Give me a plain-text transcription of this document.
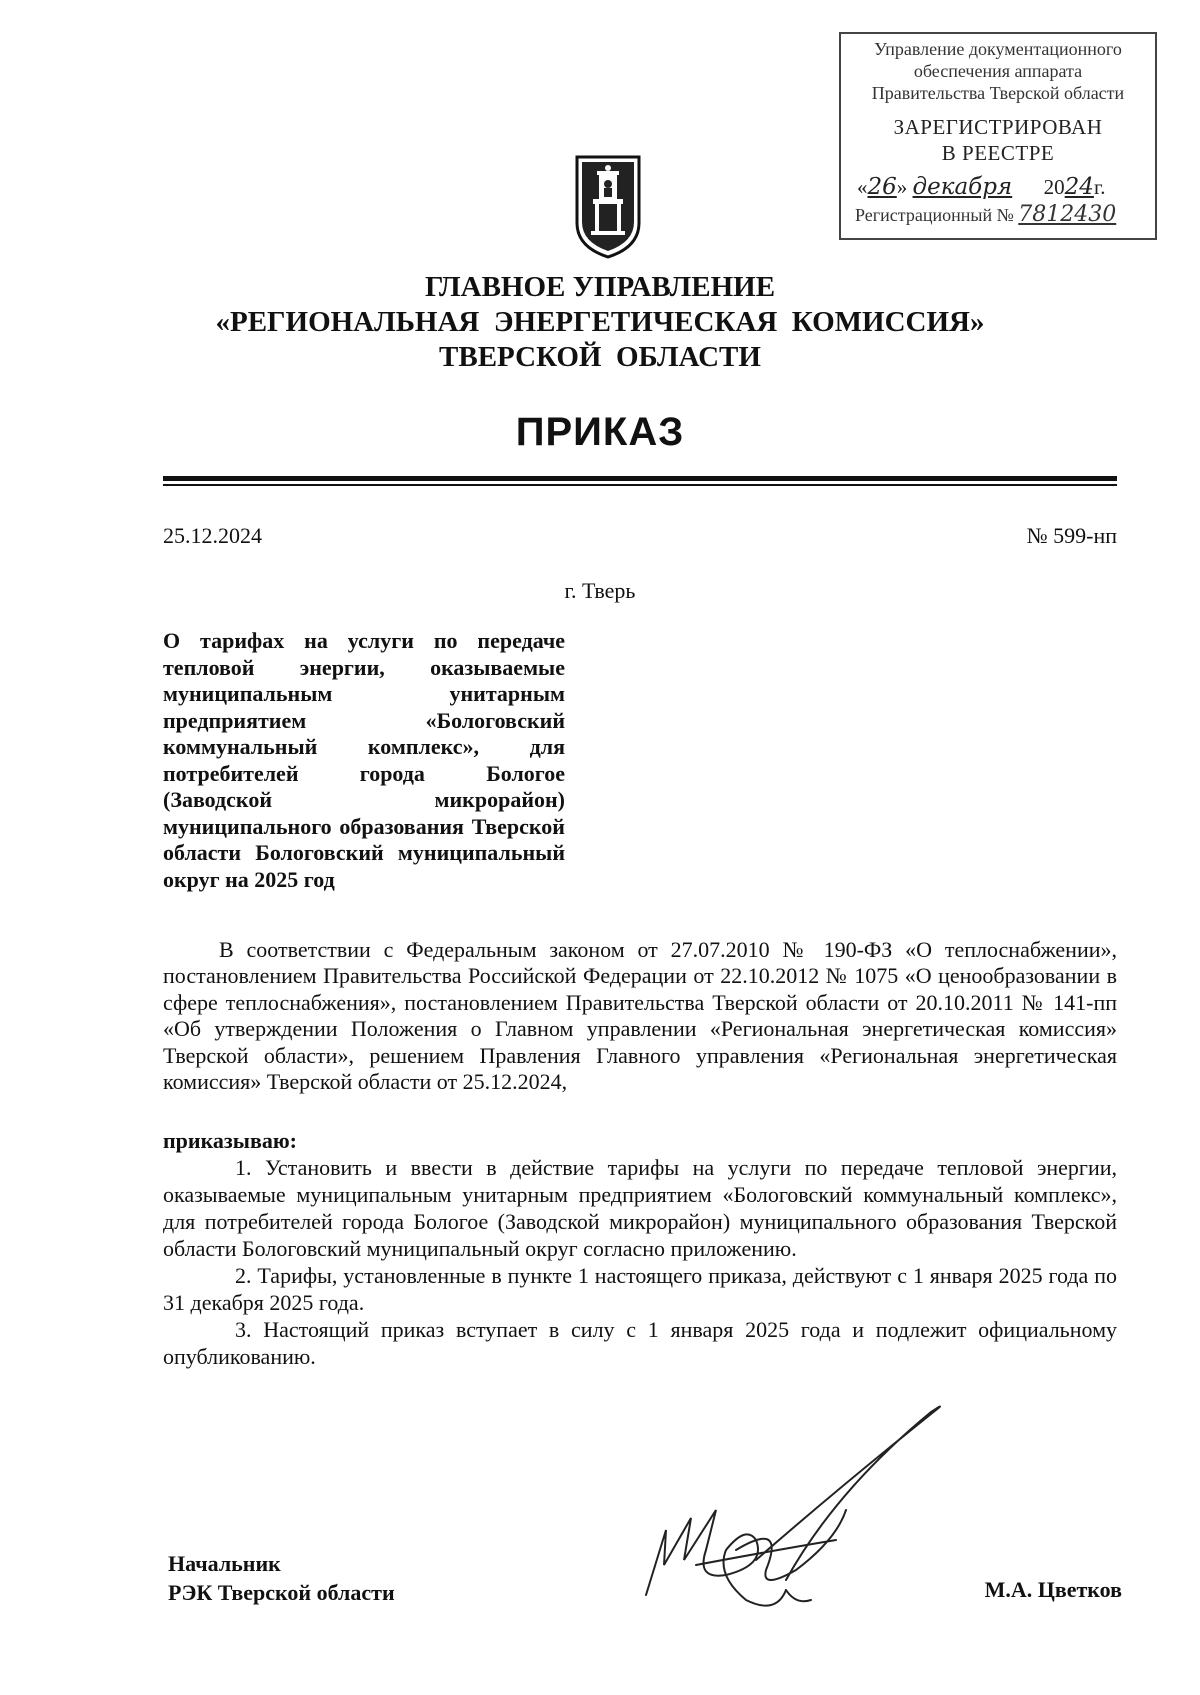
Управление документационного
обеспечения аппарата
Правительства Тверской области
ЗАРЕГИСТРИРОВАН
В РЕЕСТРЕ
«26» декабря 2024г.
Регистрационный № 7812430
ГЛАВНОЕ УПРАВЛЕНИЕ
«РЕГИОНАЛЬНАЯ  ЭНЕРГЕТИЧЕСКАЯ  КОМИССИЯ»
ТВЕРСКОЙ  ОБЛАСТИ
ПРИКАЗ
25.12.2024	№ 599-нп
г. Тверь
О тарифах на услуги по передаче тепловой энергии, оказываемые муниципальным унитарным предприятием «Бологовский коммунальный комплекс», для потребителей города Бологое (Заводской микрорайон) муниципального образования Тверской области Бологовский муниципальный округ на 2025 год
В соответствии с Федеральным законом от 27.07.2010 № 190-ФЗ «О теплоснабжении», постановлением Правительства Российской Федерации от 22.10.2012 № 1075 «О ценообразовании в сфере теплоснабжения», постановлением Правительства Тверской области от 20.10.2011 № 141-пп «Об утверждении Положения о Главном управлении «Региональная энергетическая комиссия» Тверской области», решением Правления Главного управления «Региональная энергетическая комиссия» Тверской области от 25.12.2024,
приказываю:

1. Установить и ввести в действие тарифы на услуги по передаче тепловой энергии, оказываемые муниципальным унитарным предприятием «Бологовский коммунальный комплекс», для потребителей города Бологое (Заводской микрорайон) муниципального образования Тверской области Бологовский муниципальный округ согласно приложению.

2. Тарифы, установленные в пункте 1 настоящего приказа, действуют с 1 января 2025 года по 31 декабря 2025 года.

3. Настоящий приказ вступает в силу с 1 января 2025 года и подлежит официальному опубликованию.

Начальник
РЭК Тверской области	М.А. Цветков
